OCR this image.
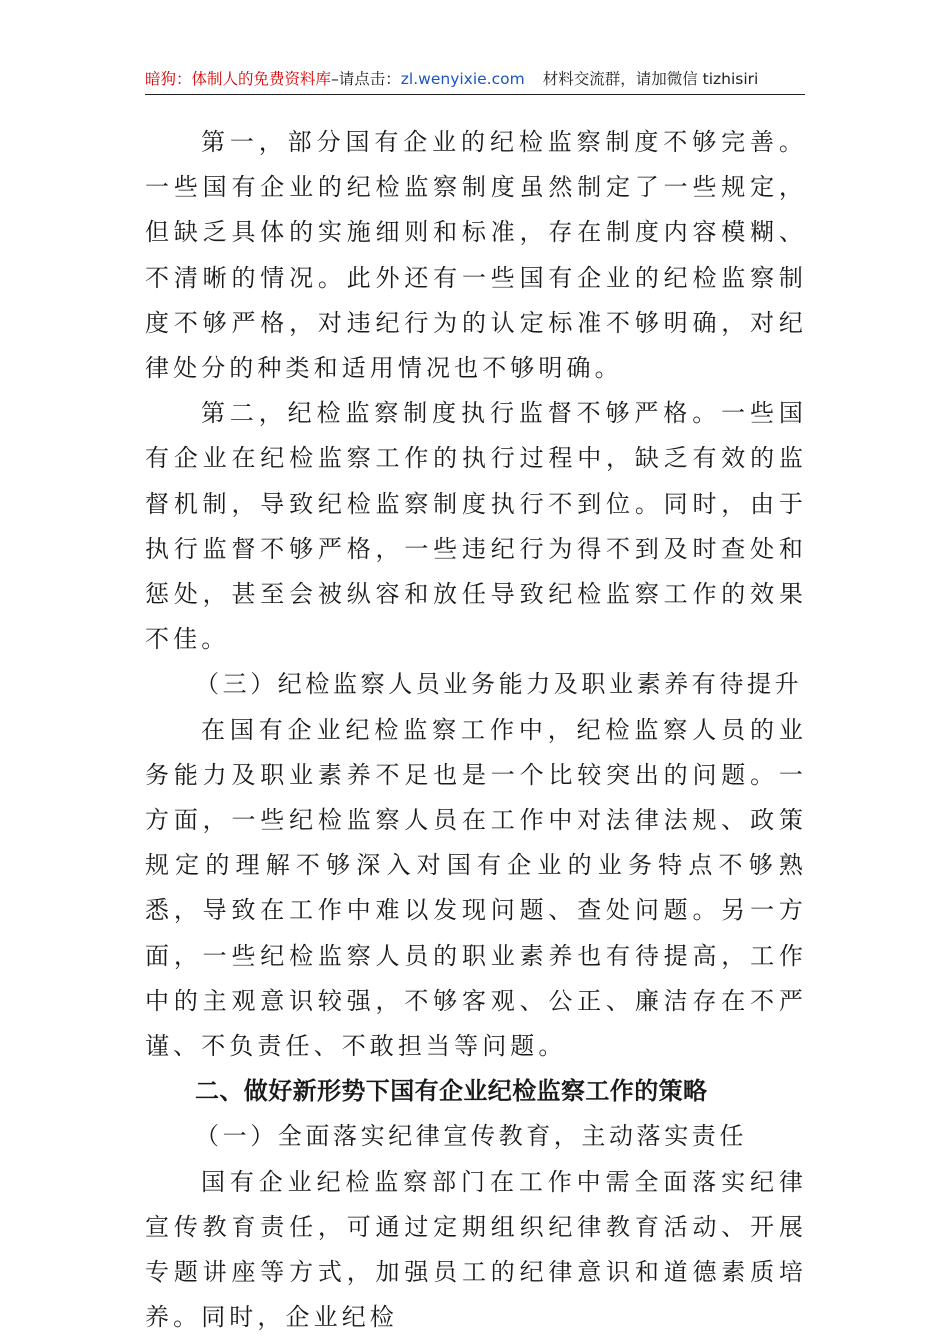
暗狗：体制人的免费资料库–请点击：zl.wenyixie.com 材料交流群，请加微信 tizhisiri

第一，部分国有企业的纪检监察制度不够完善。一些国有企业的纪检监察制度虽然制定了一些规定，但缺乏具体的实施细则和标准，存在制度内容模糊、不清晰的情况。此外还有一些国有企业的纪检监察制度不够严格，对违纪行为的认定标准不够明确，对纪律处分的种类和适用情况也不够明确。

第二，纪检监察制度执行监督不够严格。一些国有企业在纪检监察工作的执行过程中，缺乏有效的监督机制，导致纪检监察制度执行不到位。同时，由于执行监督不够严格，一些违纪行为得不到及时查处和惩处，甚至会被纵容和放任导致纪检监察工作的效果不佳。

（三）纪检监察人员业务能力及职业素养有待提升

在国有企业纪检监察工作中，纪检监察人员的业务能力及职业素养不足也是一个比较突出的问题。一方面，一些纪检监察人员在工作中对法律法规、政策规定的理解不够深入对国有企业的业务特点不够熟悉，导致在工作中难以发现问题、查处问题。另一方面，一些纪检监察人员的职业素养也有待提高，工作中的主观意识较强，不够客观、公正、廉洁存在不严谨、不负责任、不敢担当等问题。

二、做好新形势下国有企业纪检监察工作的策略

（一）全面落实纪律宣传教育，主动落实责任

国有企业纪检监察部门在工作中需全面落实纪律宣传教育责任，可通过定期组织纪律教育活动、开展专题讲座等方式，加强员工的纪律意识和道德素质培养。同时，企业纪检
